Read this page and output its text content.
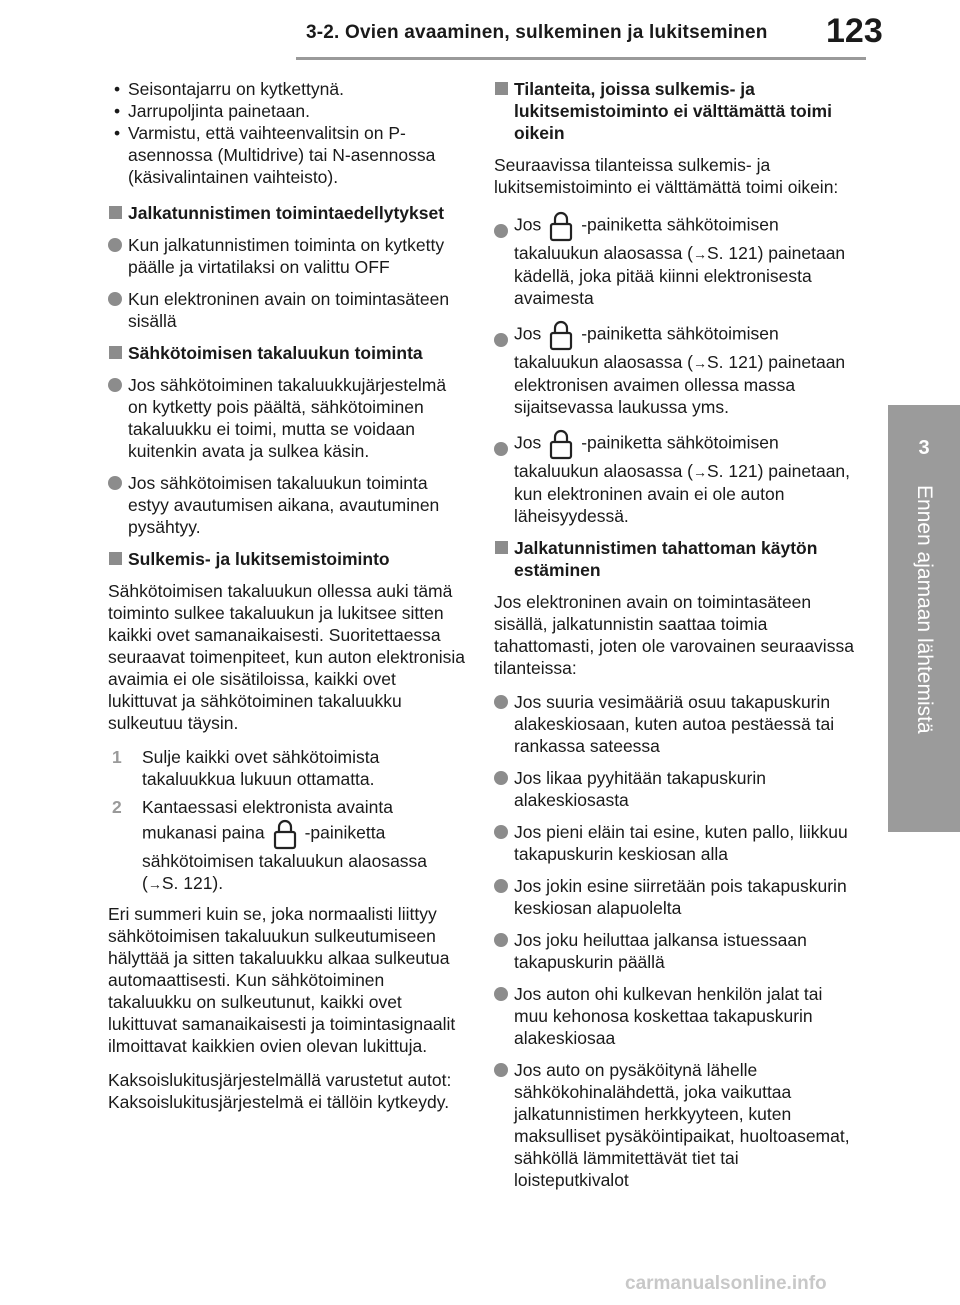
3-2. Ovien avaaminen, sulkeminen ja lukitseminen 123
3
Ennen ajamaan lähtemistä
• Seisontajarru on kytkettynä.
• Jarrupoljinta painetaan.
• Varmistu, että vaihteenvalitsin on P-asennossa (Multidrive) tai N-asennossa (käsivalintainen vaihteisto).
Jalkatunnistimen toimintaedellytykset
Kun jalkatunnistimen toiminta on kytketty päälle ja virtatilaksi on valittu OFF
Kun elektroninen avain on toimintasäteen sisällä
Sähkötoimisen takaluukun toiminta
Jos sähkötoiminen takaluukkujärjestelmä on kytketty pois päältä, sähkötoiminen takaluukku ei toimi, mutta se voidaan kuitenkin avata ja sulkea käsin.
Jos sähkötoimisen takaluukun toiminta estyy avautumisen aikana, avautuminen pysähtyy.
Sulkemis- ja lukitsemistoiminto

Sähkötoimisen takaluukun ollessa auki tämä toiminto sulkee takaluukun ja lukitsee sitten kaikki ovet samanaikaisesti. Suoritettaessa seuraavat toimenpiteet, kun auton elektronisia avaimia ei ole sisätiloissa, kaikki ovet lukittuvat ja sähkötoiminen takaluukku sulkeutuu täysin.

1 Sulje kaikki ovet sähkötoimista takaluukkua lukuun ottamatta.
2 Kantaessasi elektronista avainta mukanasi paina -painiketta sähkötoimisen takaluukun alaosassa (→S. 121).

Eri summeri kuin se, joka normaalisti liittyy sähkötoimisen takaluukun sulkeutumiseen hälyttää ja sitten takaluukku alkaa sulkeutua automaattisesti. Kun sähkötoiminen takaluukku on sulkeutunut, kaikki ovet lukittuvat samanaikaisesti ja toimintasignaalit ilmoittavat kaikkien ovien olevan lukittuja.

Kaksoislukitusjärjestelmällä varustetut autot: Kaksoislukitusjärjestelmä ei tällöin kytkeydy.

Tilanteita, joissa sulkemis- ja lukitsemistoiminto ei välttämättä toimi oikein

Seuraavissa tilanteissa sulkemis- ja lukitsemistoiminto ei välttämättä toimi oikein:

Jos -painiketta sähkötoimisen
takaluukun alaosassa (→S. 121) painetaan kädellä, joka pitää kiinni elektronisesta avaimesta
Jos -painiketta sähkötoimisen
takaluukun alaosassa (→S. 121) painetaan elektronisen avaimen ollessa massa sijaitsevassa laukussa yms.
Jos -painiketta sähkötoimisen
takaluukun alaosassa (→S. 121) painetaan, kun elektroninen avain ei ole auton läheisyydessä.
Jalkatunnistimen tahattoman käytön estäminen

Jos elektroninen avain on toimintasäteen sisällä, jalkatunnistin saattaa toimia tahattomasti, joten ole varovainen seuraavissa tilanteissa:

Jos suuria vesimääriä osuu takapuskurin alakeskiosaan, kuten autoa pestäessä tai rankassa sateessa
Jos likaa pyyhitään takapuskurin alakeskiosasta
Jos pieni eläin tai esine, kuten pallo, liikkuu takapuskurin keskiosan alla
Jos jokin esine siirretään pois takapuskurin keskiosan alapuolelta
Jos joku heiluttaa jalkansa istuessaan takapuskurin päällä
Jos auton ohi kulkevan henkilön jalat tai muu kehonosa koskettaa takapuskurin alakeskiosaa
Jos auto on pysäköitynä lähelle sähkökohinalähdettä, joka vaikuttaa jalkatunnistimen herkkyyteen, kuten maksulliset pysäköintipaikat, huoltoasemat, sähköllä lämmitettävät tiet tai loisteputkivalot
carmanualsonline.info
